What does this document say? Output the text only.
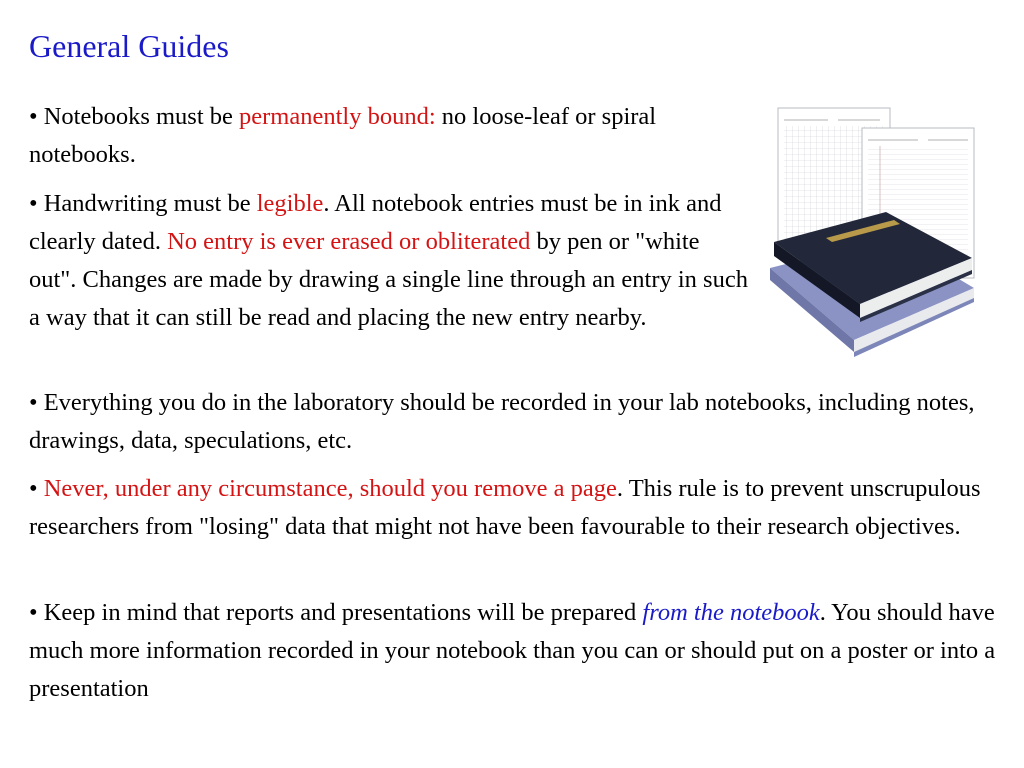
General Guides
• Notebooks must be permanently bound: no loose-leaf or spiral notebooks.
• Handwriting must be legible. All notebook entries must be in ink and clearly dated. No entry is ever erased or obliterated by pen or "white out". Changes are made by drawing a single line through an entry in such a way that it can still be read and placing the new entry nearby.
• Everything you do in the laboratory should be recorded in your lab notebooks, including notes, drawings, data, speculations, etc.
• Never, under any circumstance, should you remove a page. This rule is to prevent unscrupulous researchers from "losing" data that might not have been favourable to their research objectives.
• Keep in mind that reports and presentations will be prepared from the notebook. You should have much more information recorded in your notebook than you can or should put on a poster or into a presentation
